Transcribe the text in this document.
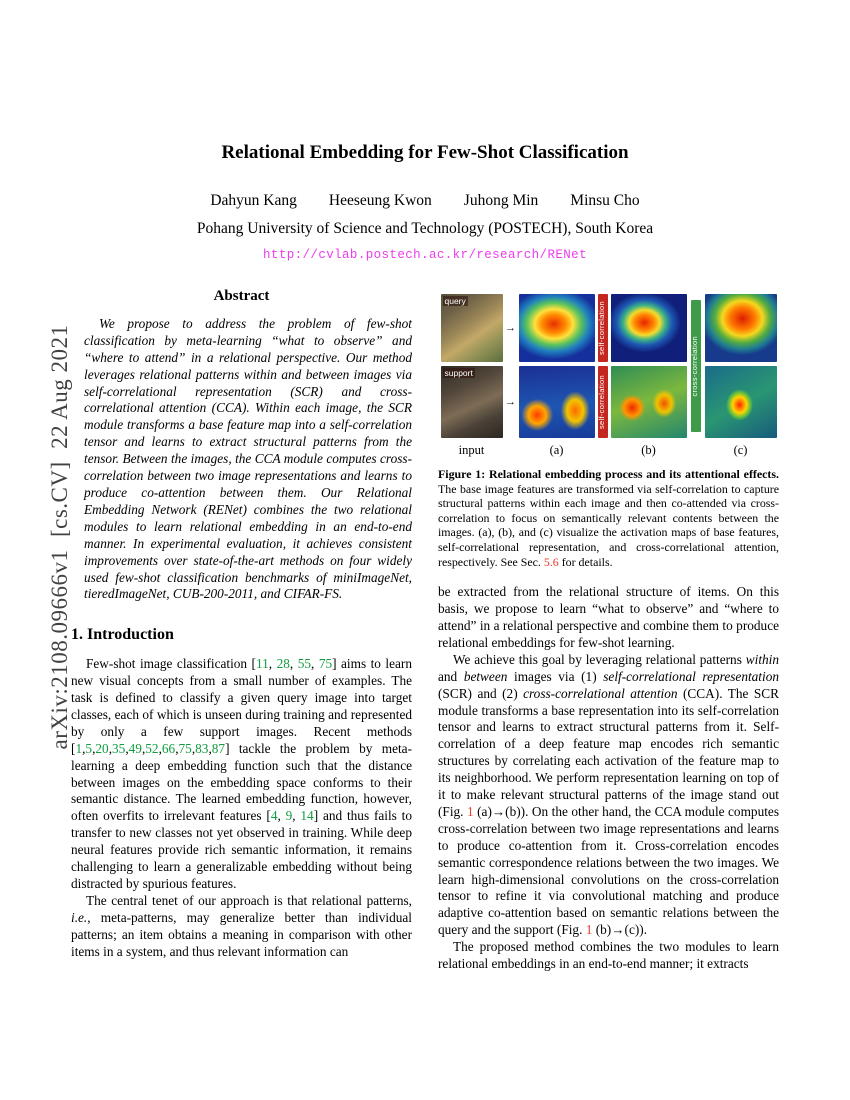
arXiv:2108.09666v1  [cs.CV]  22 Aug 2021
Relational Embedding for Few-Shot Classification
Dahyun Kang Heeseung Kwon Juhong Min Minsu Cho
Pohang University of Science and Technology (POSTECH), South Korea
http://cvlab.postech.ac.kr/research/RENet
Abstract

We propose to address the problem of few-shot classification by meta-learning “what to observe” and “where to attend” in a relational perspective. Our method leverages relational patterns within and between images via self-correlational representation (SCR) and cross-correlational attention (CCA). Within each image, the SCR module transforms a base feature map into a self-correlation tensor and learns to extract structural patterns from the tensor. Between the images, the CCA module computes cross-correlation between two image representations and learns to produce co-attention between them. Our Relational Embedding Network (RENet) combines the two relational modules to learn relational embedding in an end-to-end manner. In experimental evaluation, it achieves consistent improvements over state-of-the-art methods on four widely used few-shot classification benchmarks of miniImageNet, tieredImageNet, CUB-200-2011, and CIFAR-FS.

1. Introduction

Few-shot image classification [11, 28, 55, 75] aims to learn new visual concepts from a small number of examples. The task is defined to classify a given query image into target classes, each of which is unseen during training and represented by only a few support images. Recent methods [1,5,20,35,49,52,66,75,83,87] tackle the problem by meta-learning a deep embedding function such that the distance between images on the embedding space conforms to their semantic distance. The learned embedding function, however, often overfits to irrelevant features [4, 9, 14] and thus fails to transfer to new classes not yet observed in training. While deep neural features provide rich semantic information, it remains challenging to learn a generalizable embedding without being distracted by spurious features.

The central tenet of our approach is that relational patterns, i.e., meta-patterns, may generalize better than individual patterns; an item obtains a meaning in comparison with other items in a system, and thus relevant information can

query
→	self-correlation
cross-correlation
support
→	self-correlation
input	(a)	(b)	(c)
Figure 1: Relational embedding process and its attentional effects. The base image features are transformed via self-correlation to capture structural patterns within each image and then co-attended via cross-correlation to focus on semantically relevant contents between the images. (a), (b), and (c) visualize the activation maps of base features, self-correlational representation, and cross-correlational attention, respectively. See Sec. 5.6 for details.

be extracted from the relational structure of items. On this basis, we propose to learn “what to observe” and “where to attend” in a relational perspective and combine them to produce relational embeddings for few-shot learning.

We achieve this goal by leveraging relational patterns within and between images via (1) self-correlational representation (SCR) and (2) cross-correlational attention (CCA). The SCR module transforms a base representation into its self-correlation tensor and learns to extract structural patterns from it. Self-correlation of a deep feature map encodes rich semantic structures by correlating each activation of the feature map to its neighborhood. We perform representation learning on top of it to make relevant structural patterns of the image stand out (Fig. 1 (a)→(b)). On the other hand, the CCA module computes cross-correlation between two image representations and learns to produce co-attention from it. Cross-correlation encodes semantic correspondence relations between the two images. We learn high-dimensional convolutions on the cross-correlation tensor to refine it via convolutional matching and produce adaptive co-attention based on semantic relations between the query and the support (Fig. 1 (b)→(c)).

The proposed method combines the two modules to learn relational embeddings in an end-to-end manner; it extracts
